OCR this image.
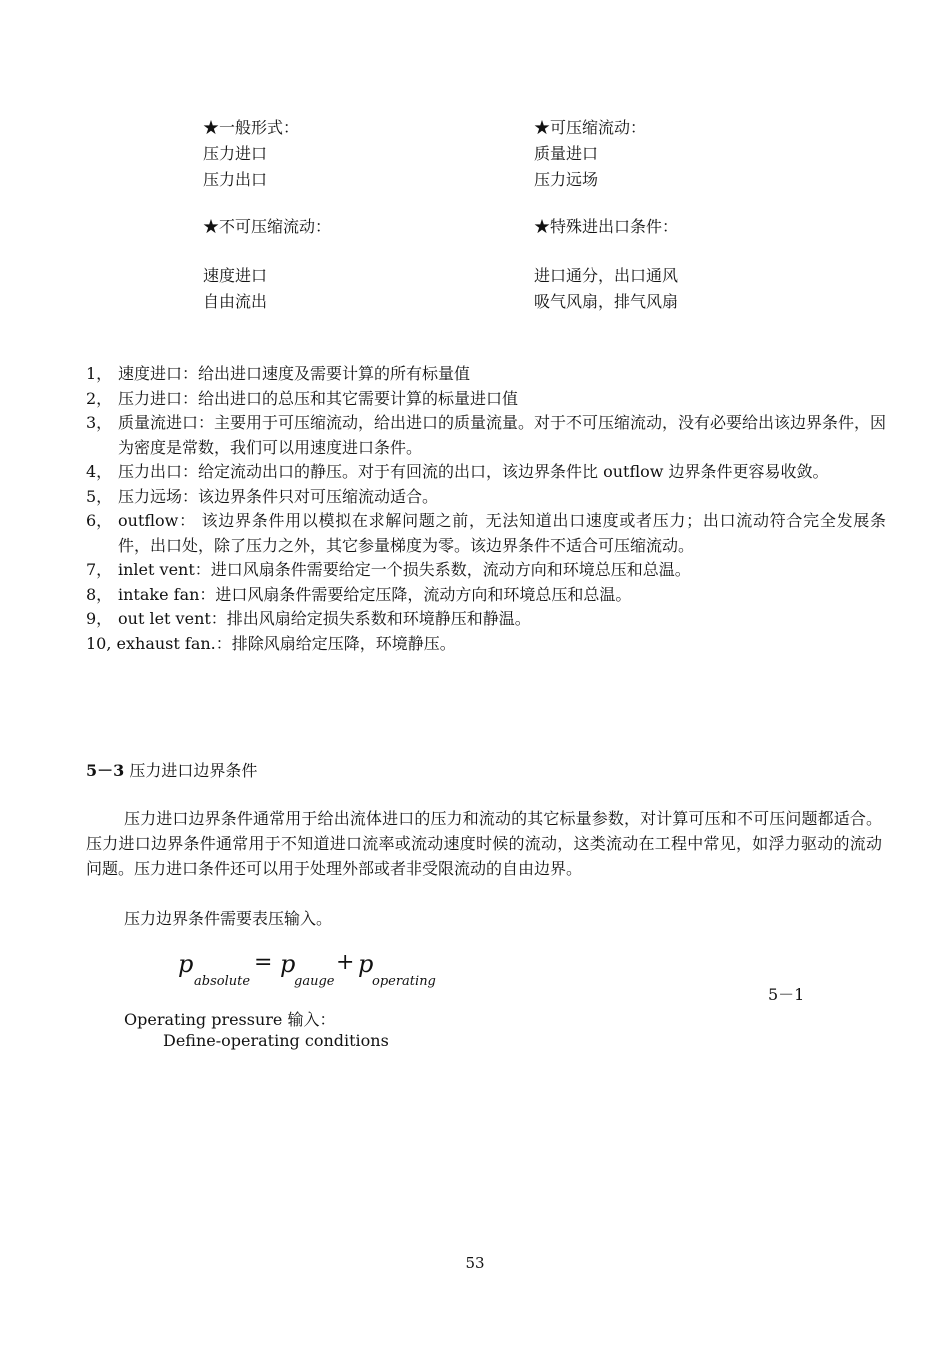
★一般形式：
压力进口
压力出口
★可压缩流动：
质量进口
压力远场
★不可压缩流动：
速度进口
自由流出
★特殊进出口条件：
进口通分，出口通风
吸气风扇，排气风扇
1， 速度进口：给出进口速度及需要计算的所有标量值
2， 压力进口：给出进口的总压和其它需要计算的标量进口值
3， 质量流进口：主要用于可压缩流动，给出进口的质量流量。对于不可压缩流动，没有必要给出该边界条件，因为密度是常数，我们可以用速度进口条件。
4， 压力出口：给定流动出口的静压。对于有回流的出口，该边界条件比 outflow 边界条件更容易收敛。
5， 压力远场：该边界条件只对可压缩流动适合。
6， outflow： 该边界条件用以模拟在求解问题之前，无法知道出口速度或者压力；出口流动符合完全发展条件，出口处，除了压力之外，其它参量梯度为零。该边界条件不适合可压缩流动。
7， inlet vent：进口风扇条件需要给定一个损失系数，流动方向和环境总压和总温。
8， intake fan：进口风扇条件需要给定压降，流动方向和环境总压和总温。
9， out let vent：排出风扇给定损失系数和环境静压和静温。
10, exhaust fan.：排除风扇给定压降，环境静压。
5－3 压力进口边界条件
压力进口边界条件通常用于给出流体进口的压力和流动的其它标量参数，对计算可压和不可压问题都适合。压力进口边界条件通常用于不知道进口流率或流动速度时候的流动，这类流动在工程中常见，如浮力驱动的流动问题。压力进口条件还可以用于处理外部或者非受限流动的自由边界。
压力边界条件需要表压输入。
p
absolute
= p
gauge
+ p
operating
5－1
Operating pressure 输入：
Define-operating conditions
53
